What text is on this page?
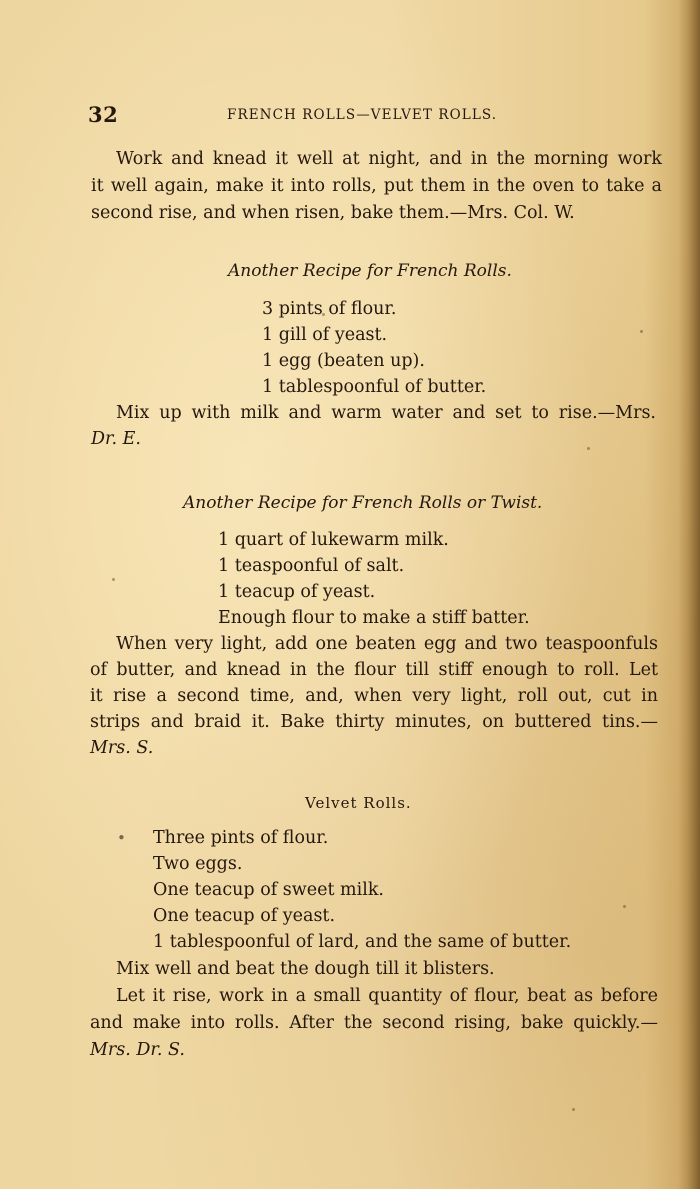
32	FRENCH ROLLS—VELVET ROLLS.
Work and knead it well at night, and in the morning work
it well again, make it into rolls, put them in the oven to take a
second rise, and when risen, bake them.—Mrs. Col. W.
Another Recipe for French Rolls.
3 pints of flour.
1 gill of yeast.
1 egg (beaten up).
1 tablespoonful of butter.
Mix up with milk and warm water and set to rise.—Mrs.
Dr. E.
Another Recipe for French Rolls or Twist.
1 quart of lukewarm milk.
1 teaspoonful of salt.
1 teacup of yeast.
Enough flour to make a stiff batter.
When very light, add one beaten egg and two teaspoonfuls
of butter, and knead in the flour till stiff enough to roll. Let
it rise a second time, and, when very light, roll out, cut in
strips and braid it. Bake thirty minutes, on buttered tins.—
Mrs. S.
Velvet Rolls.
• Three pints of flour.
Two eggs.
One teacup of sweet milk.
One teacup of yeast.
1 tablespoonful of lard, and the same of butter.
Mix well and beat the dough till it blisters.
Let it rise, work in a small quantity of flour, beat as before
and make into rolls. After the second rising, bake quickly.—
Mrs. Dr. S.
